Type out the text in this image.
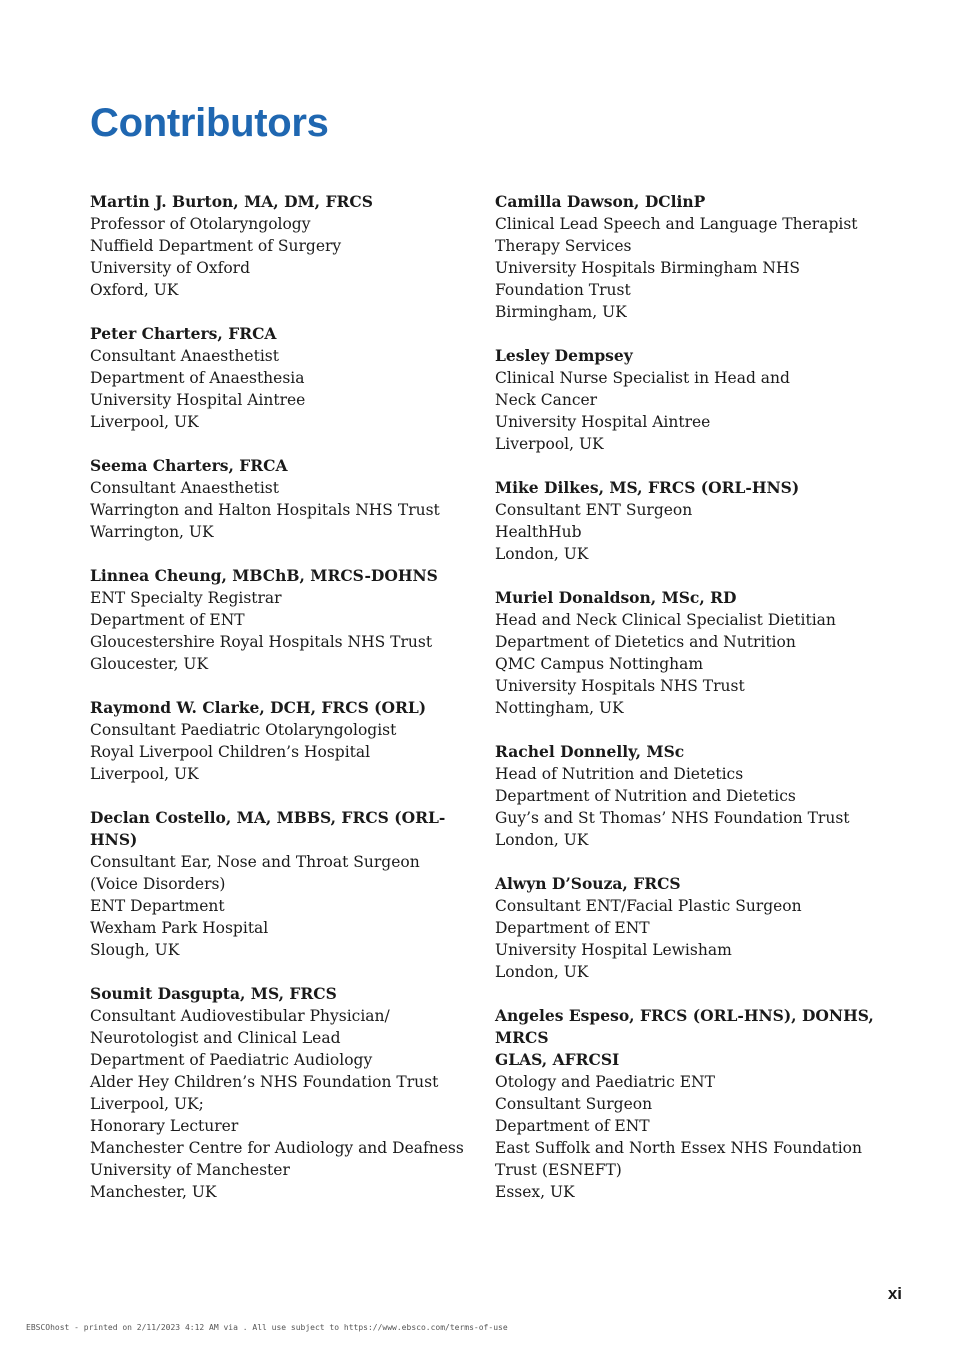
Contributors
Martin J. Burton, MA, DM, FRCS
Professor of Otolaryngology
Nuffield Department of Surgery
University of Oxford
Oxford, UK
Peter Charters, FRCA
Consultant Anaesthetist
Department of Anaesthesia
University Hospital Aintree
Liverpool, UK
Seema Charters, FRCA
Consultant Anaesthetist
Warrington and Halton Hospitals NHS Trust
Warrington, UK
Linnea Cheung, MBChB, MRCS-DOHNS
ENT Specialty Registrar
Department of ENT
Gloucestershire Royal Hospitals NHS Trust
Gloucester, UK
Raymond W. Clarke, DCH, FRCS (ORL)
Consultant Paediatric Otolaryngologist
Royal Liverpool Children’s Hospital
Liverpool, UK
Declan Costello, MA, MBBS, FRCS (ORL-HNS)
Consultant Ear, Nose and Throat Surgeon
(Voice Disorders)
ENT Department
Wexham Park Hospital
Slough, UK
Soumit Dasgupta, MS, FRCS
Consultant Audiovestibular Physician/
Neurotologist and Clinical Lead
Department of Paediatric Audiology
Alder Hey Children’s NHS Foundation Trust
Liverpool, UK;
Honorary Lecturer
Manchester Centre for Audiology and Deafness
University of Manchester
Manchester, UK
Camilla Dawson, DClinP
Clinical Lead Speech and Language Therapist
Therapy Services
University Hospitals Birmingham NHS
Foundation Trust
Birmingham, UK
Lesley Dempsey
Clinical Nurse Specialist in Head and
Neck Cancer
University Hospital Aintree
Liverpool, UK
Mike Dilkes, MS, FRCS (ORL-HNS)
Consultant ENT Surgeon
HealthHub
London, UK
Muriel Donaldson, MSc, RD
Head and Neck Clinical Specialist Dietitian
Department of Dietetics and Nutrition
QMC Campus Nottingham
University Hospitals NHS Trust
Nottingham, UK
Rachel Donnelly, MSc
Head of Nutrition and Dietetics
Department of Nutrition and Dietetics
Guy’s and St Thomas’ NHS Foundation Trust
London, UK
Alwyn D’Souza, FRCS
Consultant ENT/Facial Plastic Surgeon
Department of ENT
University Hospital Lewisham
London, UK
Angeles Espeso, FRCS (ORL-HNS), DONHS, MRCS
GLAS, AFRCSI
Otology and Paediatric ENT
Consultant Surgeon
Department of ENT
East Suffolk and North Essex NHS Foundation
Trust (ESNEFT)
Essex, UK
xi
EBSCOhost - printed on 2/11/2023 4:12 AM via . All use subject to https://www.ebsco.com/terms-of-use
